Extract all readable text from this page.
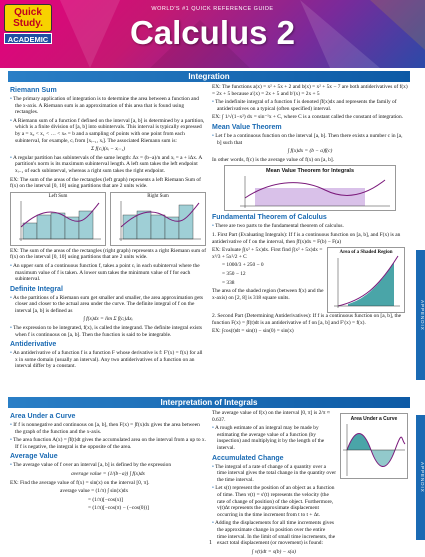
Quick
Study.
ACADEMIC
WORLD'S #1 QUICK REFERENCE GUIDE
Calculus 2
Integration
Riemann Sum
• The primary application of integration is to determine the area between a function and the x-axis. A Riemann sum is an approximation of this area that is found using rectangles.
• A Riemann sum of a function f defined on the interval [a, b] is determined by a partition, which is a finite division of [a, b] into subintervals. This interval is typically expressed by a = x₀ < x₁ < … < xₙ = b and a sampling of points with one point from each subinterval, for example, cᵢ from [xᵢ₋₁, xᵢ]. The associated Riemann sum is:
Σ f(cᵢ)(xᵢ − xᵢ₋₁)
• A regular partition has subintervals of the same length: Δx = (b−a)/n and xᵢ = a + iΔx. A partition's norm is its maximum subinterval length. A left sum takes the left endpoint xᵢ₋₁ of each subinterval, whereas a right sum takes the right endpoint.
EX: The sum of the areas of the rectangles (left graph) represents a left Riemann Sum of f(x) on the interval [0, 10] using partitions that are 2 units wide.
Left Sum	Right Sum
EX: The sum of the areas of the rectangles (right graph) represents a right Riemann sum of f(x) on the interval [0, 10] using partitions that are 2 units wide.
• An upper sum of a continuous function f, takes a point cᵢ in each subinterval where the maximum value of f is taken. A lower sum takes the minimum value of f for each subinterval.
Definite Integral
• As the partitions of a Riemann sum get smaller and smaller, the area approximation gets closer and closer to the actual area under the curve. The definite integral of f on the interval [a, b] is defined as
∫ f(x)dx = lim Σ f(cᵢ)Δxᵢ
• The expression to be integrated, f(x), is called the integrand. The definite integral exists when f is continuous on [a, b]. Then the function is said to be integrable.
Antiderivative
• An antiderivative of a function f is a function F whose derivative is f: F′(x) = f(x) for all x in some domain (usually an interval). Any two antiderivatives of a function on an interval differ by a constant.
EX: The functions a(x) = x² + 5x + 2 and b(x) = x² + 5x − 7 are both antiderivatives of f(x) = 2x + 5 because a′(x) = 2x + 5 and b′(x) = 2x + 5
• The indefinite integral of a function f is denoted ∫f(x)dx and represents the family of antiderivatives on a typical (often specified) interval.
EX: ∫ 1/√(1−x²) dx = sin⁻¹x + C, where C is a constant called the constant of integration.
Mean Value Theorem
• Let f be a continuous function on the interval [a, b]. Then there exists a number c in [a, b] such that
∫ f(x)dx = (b − a)f(c)
In other words, f(c) is the average value of f(x) on [a, b].
Mean Value Theorem for Integrals
Fundamental Theorem of Calculus
• There are two parts to the fundamental theorem of calculus.
1. First Part (Evaluating Integrals): If f is a continuous function on [a, b], and F(x) is an antiderivative of f on the interval, then ∫f(x)dx = F(b) − F(a)
EX: Evaluate ∫(x² + 5x)dx. First find ∫(x² + 5x)dx = x³/3 + 5x²/2 + C
= 1000/3 + 250 − 0
= 350 − 12
= 338
The area of the shaded region (between f(x) and the x-axis) on [2, 8] is 318 square units.
Area of a Shaded Region
2. Second Part (Determining Antiderivatives): If f is a continuous function on [a, b], the function F(x) = ∫f(t)dt is an antiderivative of f on [a, b] and F′(x) = f(x).
EX: ∫cos(t)dt = sin(t) − sin(0) = sin(x)
Interpretation of Integrals
Area Under a Curve
• If f is nonnegative and continuous on [a, b], then F(x) = ∫f(x)dx gives the area between the graph of the function and the x-axis.
• The area function A(x) = ∫f(t)dt gives the accumulated area on the interval from a up to x. If f is negative, the integral is the opposite of the area.
Average Value
• The average value of f over an interval [a, b] is defined by the expression
average value = (1/(b−a)) ∫ f(x)dx
EX: Find the average value of f(x) = sin(x) on the interval [0, π].
average value = (1/π) ∫ sin(x)dx
= (1/π)[−cos(x)]
= (1/π)[−cos(π) − (−cos(0))]
The average value of f(x) on the interval [0, π] is 2/π ≈ 0.637.
• A rough estimate of an integral may be made by estimating the average value of a function (by inspection) and multiplying it by the length of the interval.
Accumulated Change
• The integral of a rate of change of a quantity over a time interval gives the total change in the quantity over the time interval.
• Let s(t) represent the position of an object as a function of time. Then v(t) = s′(t) represents the velocity (the rate of change of position) of the object. Furthermore, v(t)Δt represents the approximate displacement occurring in the time increment from t to t + Δt.
• Adding the displacements for all time increments gives the approximate change in position over the entire time interval. In the limit of small time increments, the exact total displacement (or movement) is found:
∫ v(t)dt = s(b) − s(a)
Area Under a Curve
APPENDIX
APPENDIX
1
